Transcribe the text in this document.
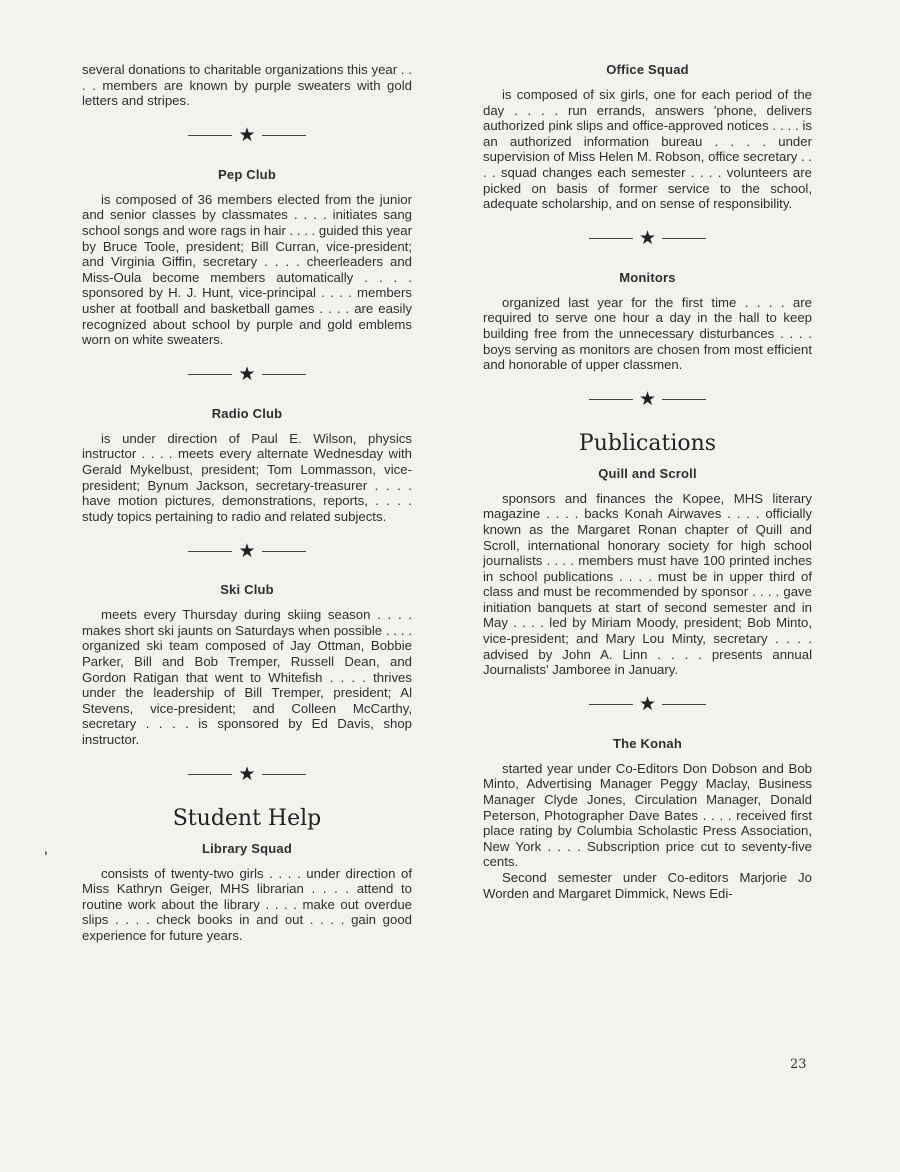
several donations to charitable organizations this year . . . . members are known by purple sweaters with gold letters and stripes.

★
Pep Club

is composed of 36 members elected from the junior and senior classes by classmates . . . . initiates sang school songs and wore rags in hair . . . . guided this year by Bruce Toole, president; Bill Curran, vice-president; and Virginia Giffin, secretary . . . . cheerleaders and Miss-Oula become members automatically . . . . sponsored by H. J. Hunt, vice-principal . . . . members usher at football and basketball games . . . . are easily recognized about school by purple and gold emblems worn on white sweaters.

★
Radio Club

is under direction of Paul E. Wilson, physics instructor . . . . meets every alternate Wednesday with Gerald Mykelbust, president; Tom Lommasson, vice-president; Bynum Jackson, secretary-treasurer . . . . have motion pictures, demonstrations, reports, . . . . study topics pertaining to radio and related subjects.

★
Ski Club

meets every Thursday during skiing season . . . . makes short ski jaunts on Saturdays when possible . . . . organized ski team composed of Jay Ottman, Bobbie Parker, Bill and Bob Tremper, Russell Dean, and Gordon Ratigan that went to Whitefish . . . . thrives under the leadership of Bill Tremper, president; Al Stevens, vice-president; and Colleen McCarthy, secretary . . . . is sponsored by Ed Davis, shop instructor.

★
Student Help
Library Squad

consists of twenty-two girls . . . . under direction of Miss Kathryn Geiger, MHS librarian . . . . attend to routine work about the library . . . . make out overdue slips . . . . check books in and out . . . . gain good experience for future years.

Office Squad

is composed of six girls, one for each period of the day . . . . run errands, answers 'phone, delivers authorized pink slips and office-approved notices . . . . is an authorized information bureau . . . . under supervision of Miss Helen M. Robson, office secretary . . . . squad changes each semester . . . . volunteers are picked on basis of former service to the school, adequate scholarship, and on sense of responsibility.

★
Monitors

organized last year for the first time . . . . are required to serve one hour a day in the hall to keep building free from the unnecessary disturbances . . . . boys serving as monitors are chosen from most efficient and honorable of upper classmen.

★
Publications
Quill and Scroll

sponsors and finances the Kopee, MHS literary magazine . . . . backs Konah Airwaves . . . . officially known as the Margaret Ronan chapter of Quill and Scroll, international honorary society for high school journalists . . . . members must have 100 printed inches in school publications . . . . must be in upper third of class and must be recommended by sponsor . . . . gave initiation banquets at start of second semester and in May . . . . led by Miriam Moody, president; Bob Minto, vice-president; and Mary Lou Minty, secretary . . . . advised by John A. Linn . . . . presents annual Journalists' Jamboree in January.

★
The Konah

started year under Co-Editors Don Dobson and Bob Minto, Advertising Manager Peggy Maclay, Business Manager Clyde Jones, Circulation Manager, Donald Peterson, Photographer Dave Bates . . . . received first place rating by Columbia Scholastic Press Association, New York . . . . Subscription price cut to seventy-five cents.

Second semester under Co-editors Marjorie Jo Worden and Margaret Dimmick, News Edi-

◗
23
